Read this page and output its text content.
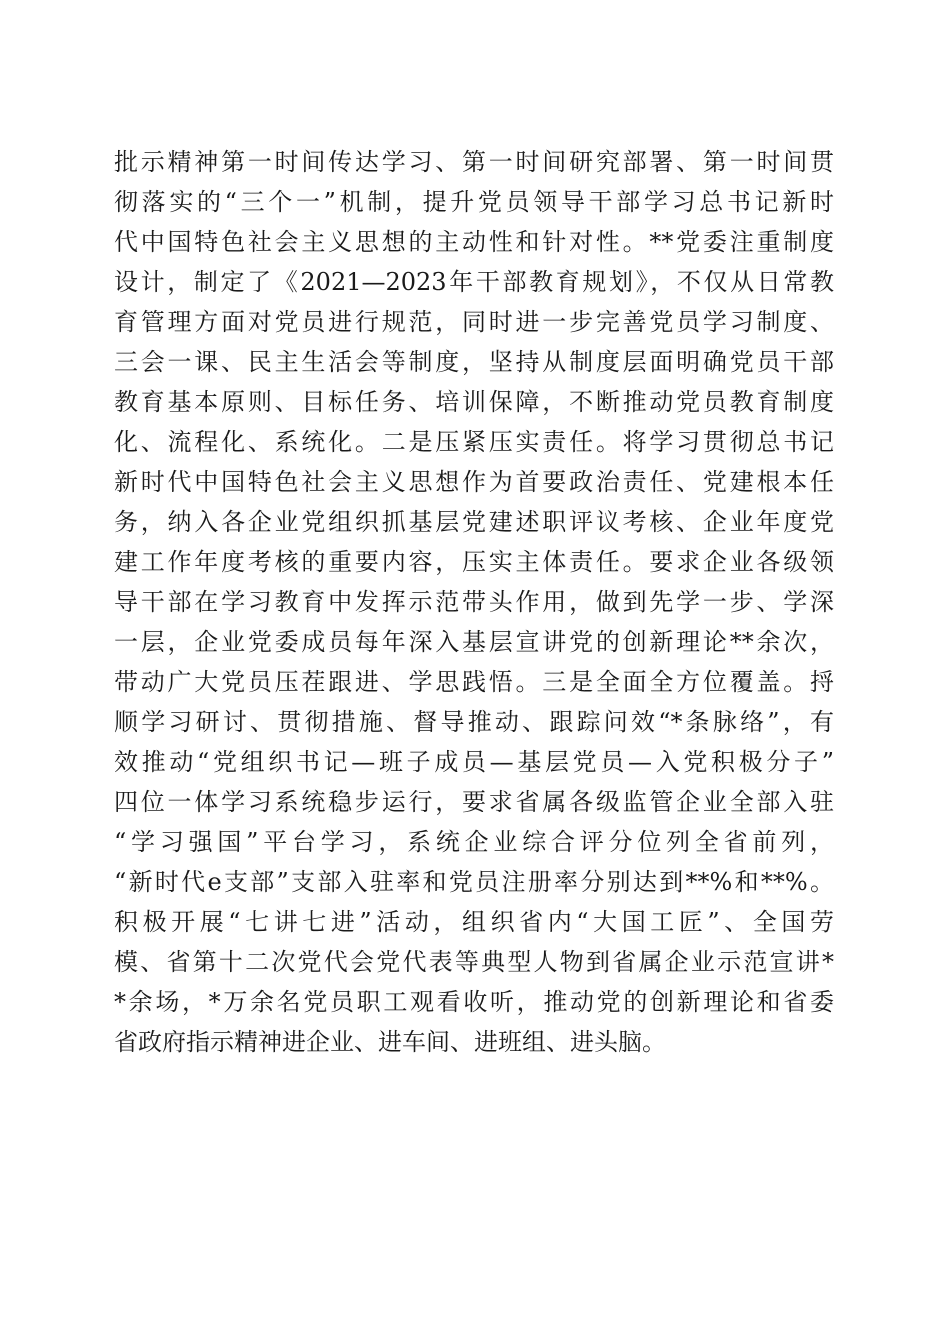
批示精神第一时间传达学习、第一时间研究部署、第一时间贯
彻落实的“三个一”机制，提升党员领导干部学习总书记新时
代中国特色社会主义思想的主动性和针对性。**党委注重制度
设计，制定了《2021—2023年干部教育规划》，不仅从日常教
育管理方面对党员进行规范，同时进一步完善党员学习制度、
三会一课、民主生活会等制度，坚持从制度层面明确党员干部
教育基本原则、目标任务、培训保障，不断推动党员教育制度
化、流程化、系统化。二是压紧压实责任。将学习贯彻总书记
新时代中国特色社会主义思想作为首要政治责任、党建根本任
务，纳入各企业党组织抓基层党建述职评议考核、企业年度党
建工作年度考核的重要内容，压实主体责任。要求企业各级领
导干部在学习教育中发挥示范带头作用，做到先学一步、学深
一层，企业党委成员每年深入基层宣讲党的创新理论**余次，
带动广大党员压茬跟进、学思践悟。三是全面全方位覆盖。捋
顺学习研讨、贯彻措施、督导推动、跟踪问效“*条脉络”，有
效推动“党组织书记—班子成员—基层党员—入党积极分子”
四位一体学习系统稳步运行，要求省属各级监管企业全部入驻
“学习强国”平台学习，系统企业综合评分位列全省前列，
“新时代e支部”支部入驻率和党员注册率分别达到**%和**%。
积极开展“七讲七进”活动，组织省内“大国工匠”、全国劳
模、省第十二次党代会党代表等典型人物到省属企业示范宣讲*
*余场，*万余名党员职工观看收听，推动党的创新理论和省委
省政府指示精神进企业、进车间、进班组、进头脑。
